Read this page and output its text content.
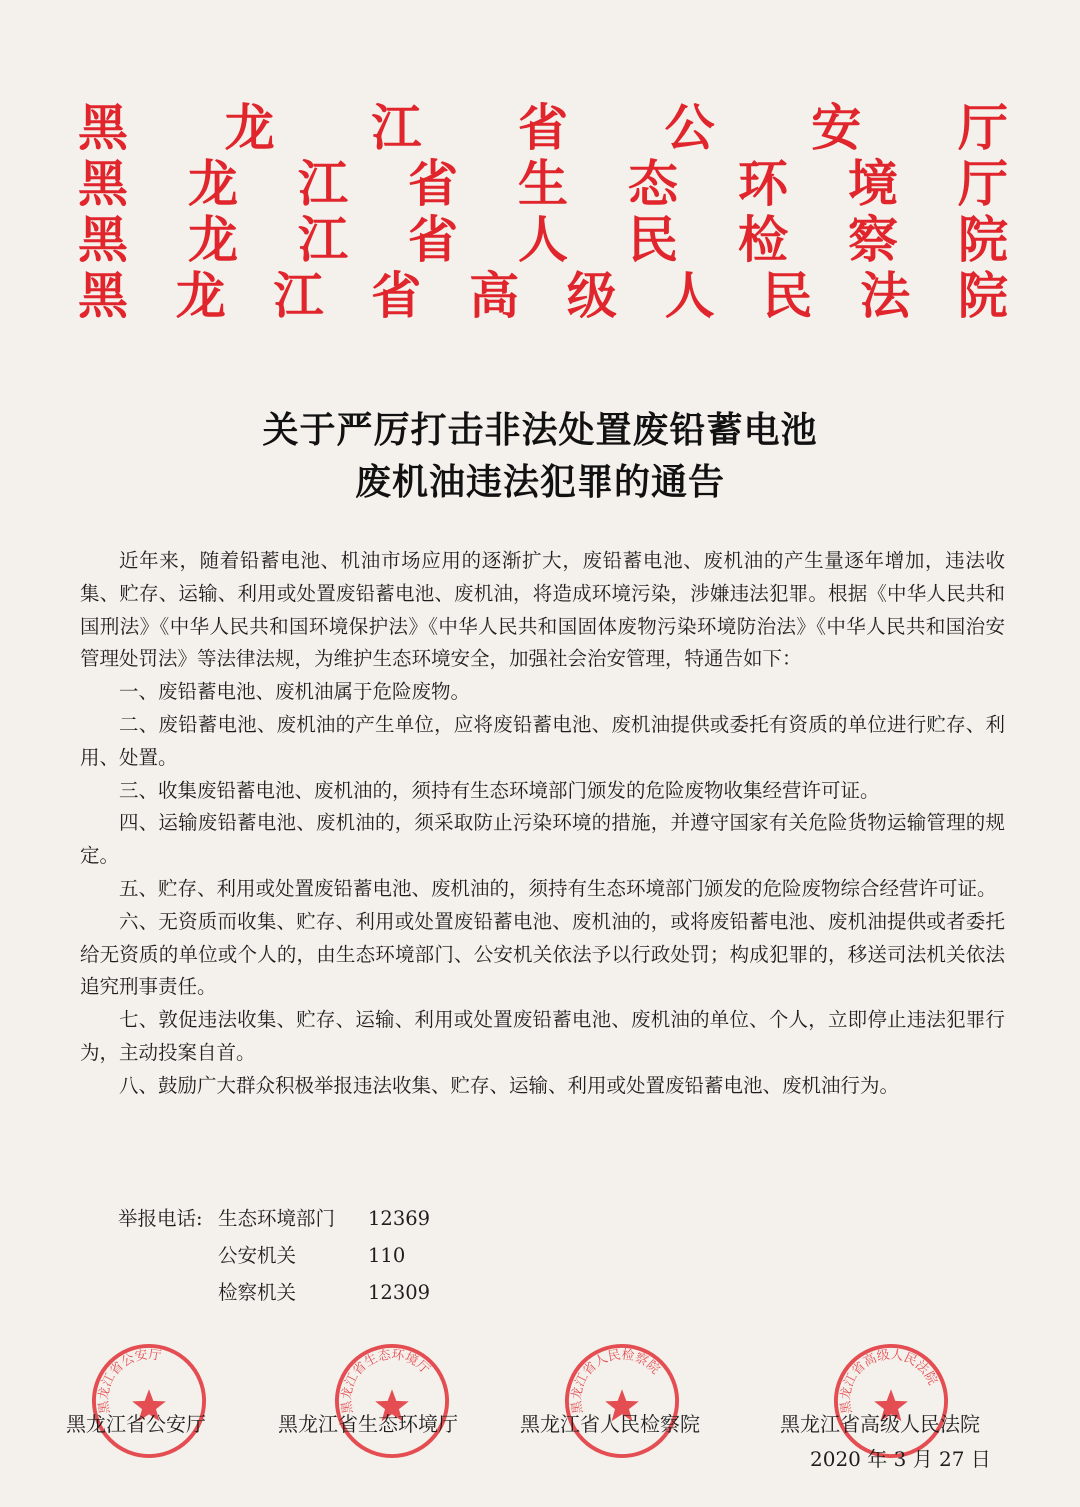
黑 龙 江 省 公 安 厅
黑 龙 江 省 生 态 环 境 厅
黑 龙 江 省 人 民 检 察 院
黑 龙 江 省 高 级 人 民 法 院
关于严厉打击非法处置废铅蓄电池
废机油违法犯罪的通告

近年来，随着铅蓄电池、机油市场应用的逐渐扩大，废铅蓄电池、废机油的产生量逐年增加，违法收集、贮存、运输、利用或处置废铅蓄电池、废机油，将造成环境污染，涉嫌违法犯罪。根据《中华人民共和国刑法》《中华人民共和国环境保护法》《中华人民共和国固体废物污染环境防治法》《中华人民共和国治安管理处罚法》等法律法规，为维护生态环境安全，加强社会治安管理，特通告如下：

一、废铅蓄电池、废机油属于危险废物。

二、废铅蓄电池、废机油的产生单位，应将废铅蓄电池、废机油提供或委托有资质的单位进行贮存、利用、处置。

三、收集废铅蓄电池、废机油的，须持有生态环境部门颁发的危险废物收集经营许可证。

四、运输废铅蓄电池、废机油的，须采取防止污染环境的措施，并遵守国家有关危险货物运输管理的规定。

五、贮存、利用或处置废铅蓄电池、废机油的，须持有生态环境部门颁发的危险废物综合经营许可证。

六、无资质而收集、贮存、利用或处置废铅蓄电池、废机油的，或将废铅蓄电池、废机油提供或者委托给无资质的单位或个人的，由生态环境部门、公安机关依法予以行政处罚；构成犯罪的，移送司法机关依法追究刑事责任。

七、敦促违法收集、贮存、运输、利用或处置废铅蓄电池、废机油的单位、个人，立即停止违法犯罪行为，主动投案自首。

八、鼓励广大群众积极举报违法收集、贮存、运输、利用或处置废铅蓄电池、废机油行为。

举报电话: 生态环境部门	12369
公安机关	110
检察机关	12309
黑龙江省公安厅
黑龙江省生态环境厅
黑龙江省人民检察院
黑龙江省高级人民法院
黑龙江省公安厅	黑龙江省生态环境厅	黑龙江省人民检察院	黑龙江省高级人民法院
2020 年 3 月 27 日
